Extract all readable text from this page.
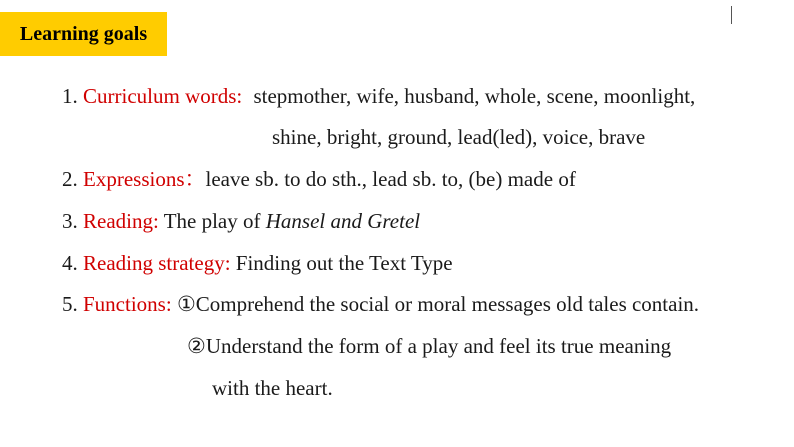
Learning goals
1. Curriculum words: stepmother, wife, husband, whole, scene, moonlight,
shine, bright, ground, lead(led), voice, brave
2. Expressions：leave sb. to do sth., lead sb. to, (be) made of
3. Reading: The play of Hansel and Gretel
4. Reading strategy: Finding out the Text Type
5. Functions: ①Comprehend the social or moral messages old tales contain.
②Understand the form of a play and feel its true meaning
with the heart.
